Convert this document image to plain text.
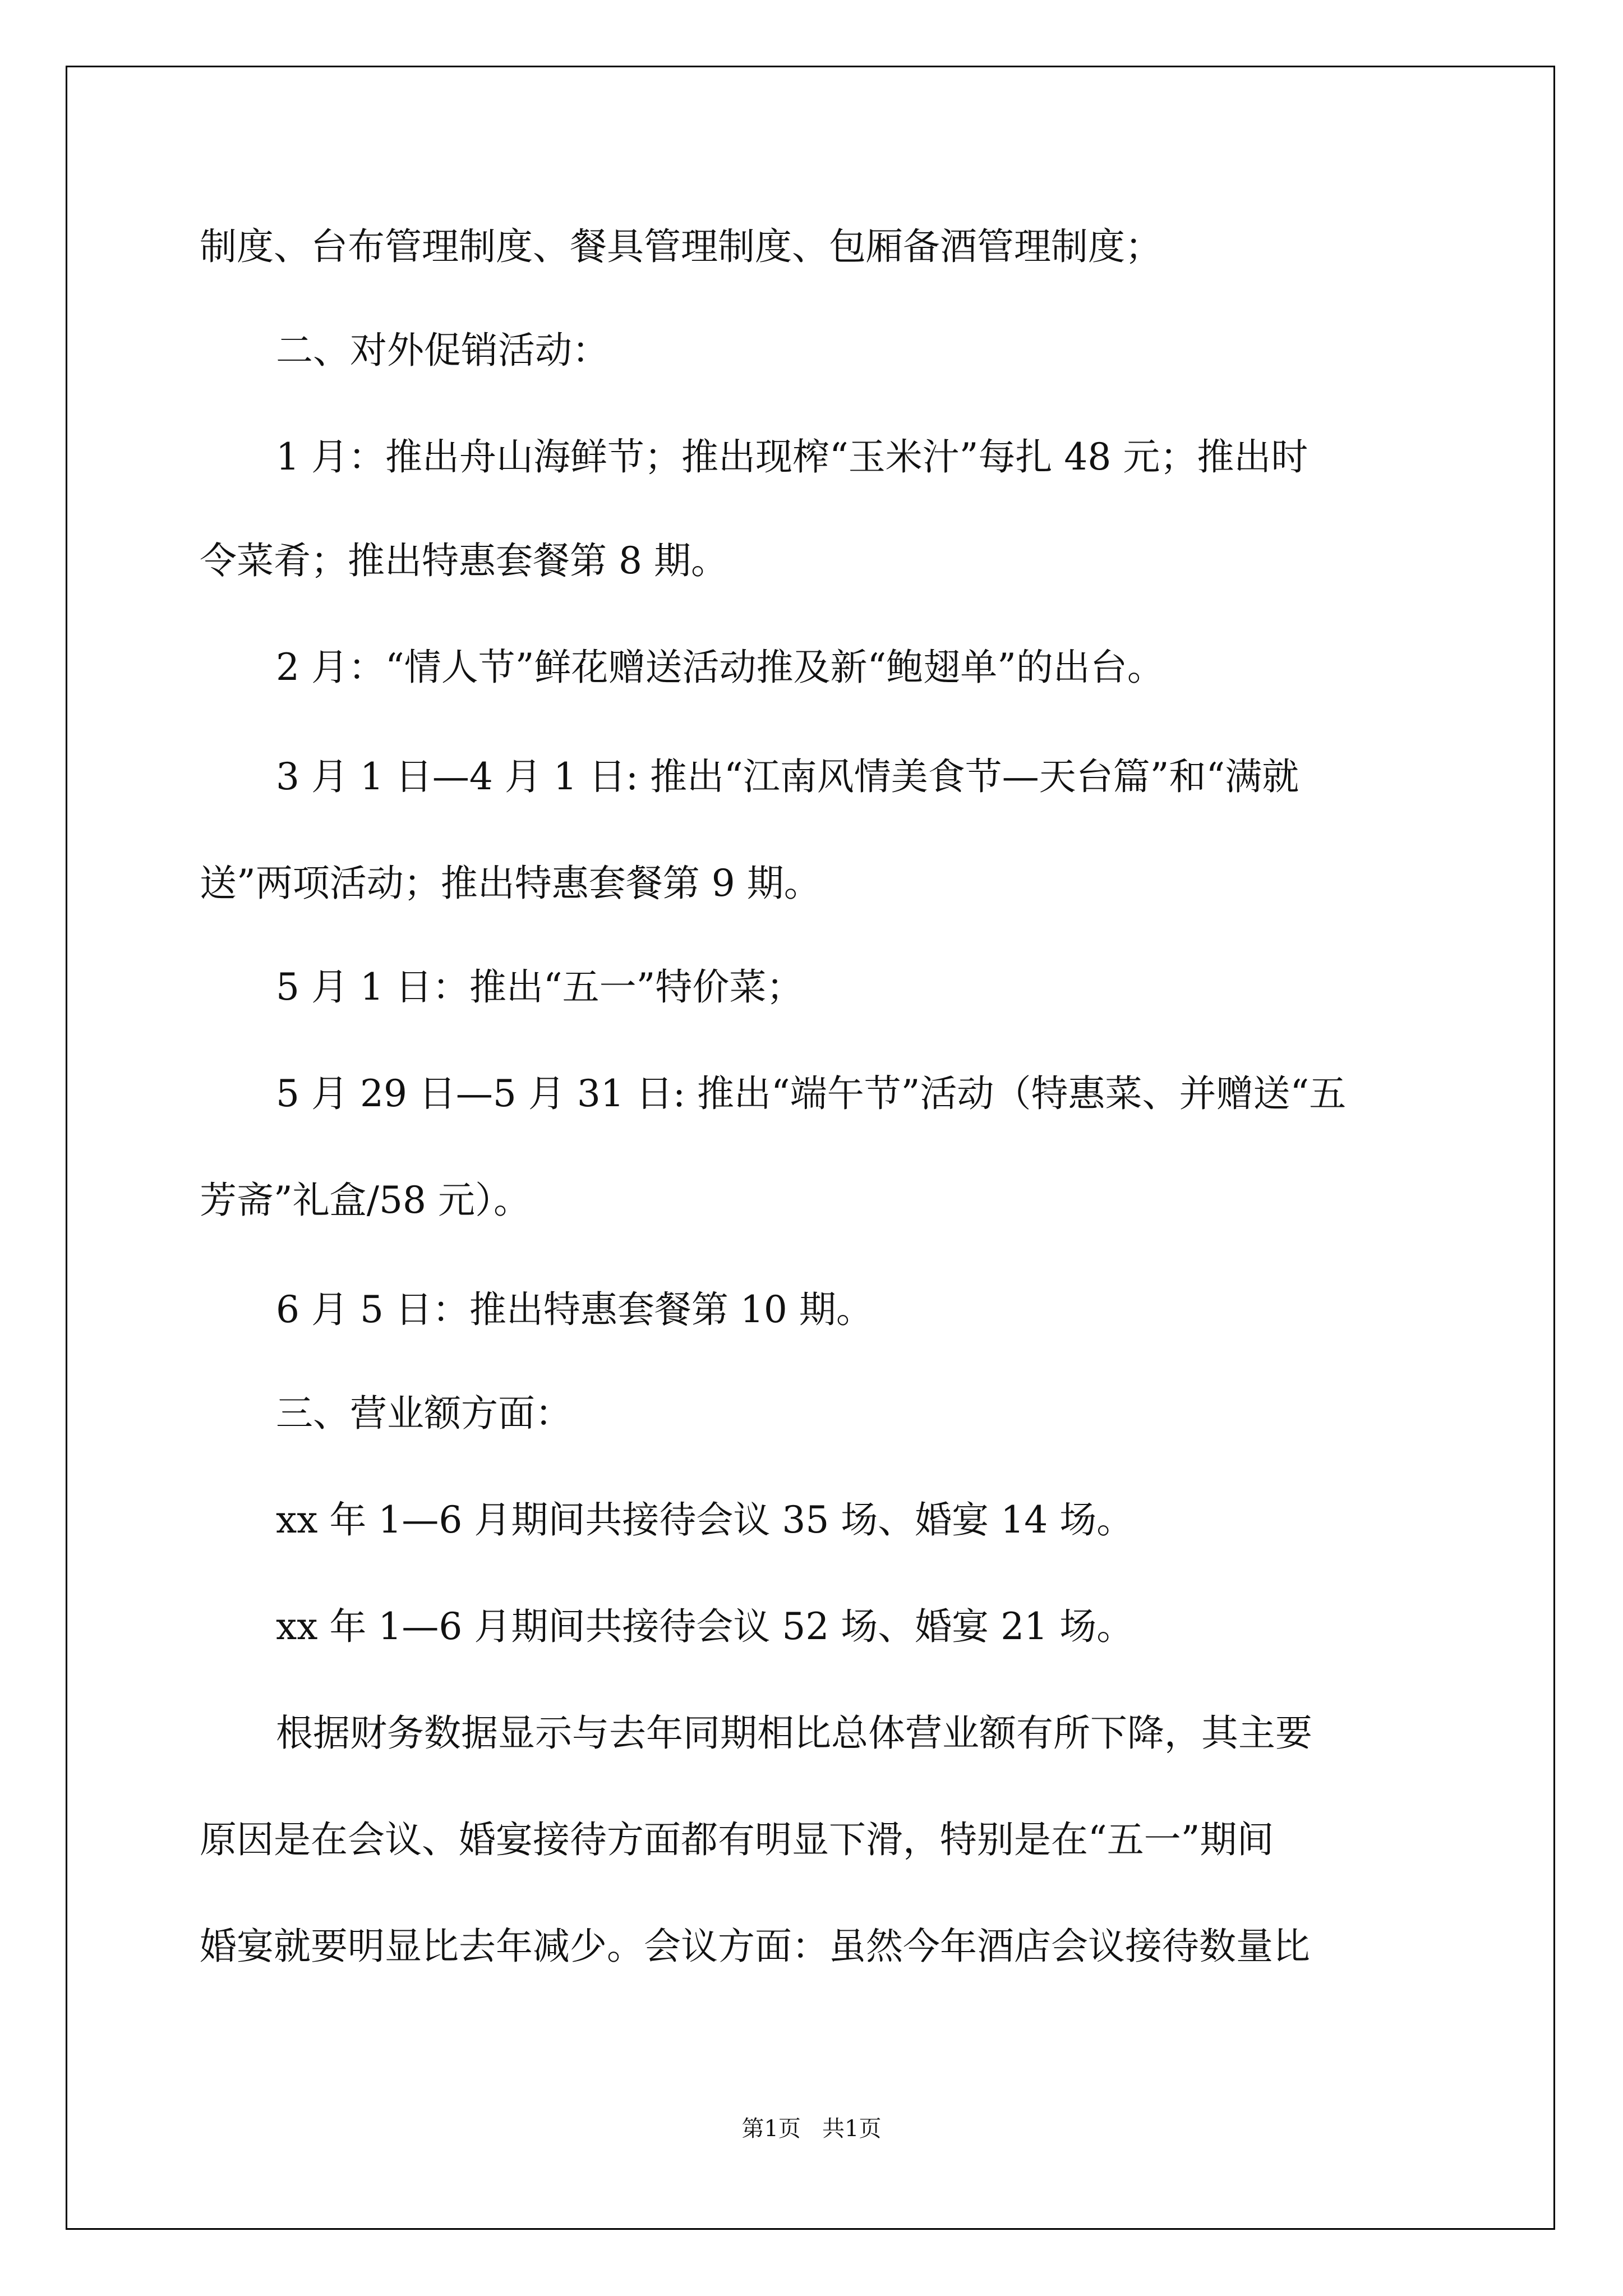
制度、台布管理制度、餐具管理制度、包厢备酒管理制度；
二、对外促销活动：
1 月：推出舟山海鲜节；推出现榨“玉米汁”每扎 48 元；推出时
令菜肴；推出特惠套餐第 8 期。
2 月：“情人节”鲜花赠送活动推及新“鲍翅单”的出台。
3 月 1 日—4 月 1 日: 推出“江南风情美食节—天台篇”和“满就
送”两项活动；推出特惠套餐第 9 期。
5 月 1 日：推出“五一”特价菜；
5 月 29 日—5 月 31 日: 推出“端午节”活动（特惠菜、并赠送“五
芳斋”礼盒/58 元）。
6 月 5 日：推出特惠套餐第 10 期。
三、营业额方面：
xx 年 1—6 月期间共接待会议 35 场、婚宴 14 场。
xx 年 1—6 月期间共接待会议 52 场、婚宴 21 场。
根据财务数据显示与去年同期相比总体营业额有所下降，其主要
原因是在会议、婚宴接待方面都有明显下滑，特别是在“五一”期间
婚宴就要明显比去年减少。会议方面：虽然今年酒店会议接待数量比
第1页   共1页
